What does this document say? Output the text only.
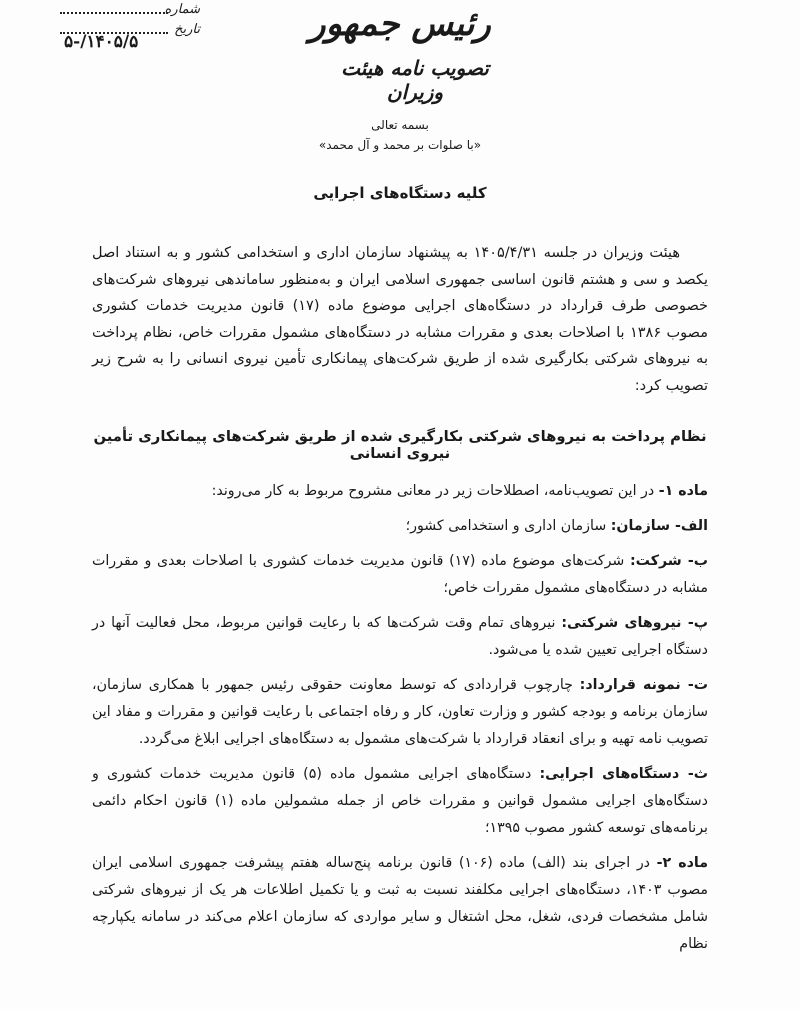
شماره
تاریخ
۱۴۰۵/۵/-۵	رئیس جمهور
تصویب نامه هیئت وزیران
بسمه تعالی
«با صلوات بر محمد و آل محمد»
کلیه دستگاه‌های اجرایی
هیئت وزیران در جلسه ۱۴۰۵/۴/۳۱ به پیشنهاد سازمان اداری و استخدامی کشور و به استناد اصل یکصد و سی و هشتم قانون اساسی جمهوری اسلامی ایران و به‌منظور ساماندهی نیروهای شرکت‌های خصوصی طرف قرارداد در دستگاه‌های اجرایی موضوع ماده (۱۷) قانون مدیریت خدمات کشوری مصوب ۱۳۸۶ با اصلاحات بعدی و مقررات مشابه در دستگاه‌های مشمول مقررات خاص، نظام پرداخت به نیروهای شرکتی بکارگیری شده از طریق شرکت‌های پیمانکاری تأمین نیروی انسانی را به شرح زیر تصویب کرد:
نظام پرداخت به نیروهای شرکتی بکارگیری شده از طریق شرکت‌های پیمانکاری تأمین نیروی انسانی

ماده ۱- در این تصویب‌نامه، اصطلاحات زیر در معانی مشروح مربوط به کار می‌روند:

الف- سازمان: سازمان اداری و استخدامی کشور؛

ب- شرکت: شرکت‌های موضوع ماده (۱۷) قانون مدیریت خدمات کشوری با اصلاحات بعدی و مقررات مشابه در دستگاه‌های مشمول مقررات خاص؛

پ- نیروهای شرکتی: نیروهای تمام وقت شرکت‌ها که با رعایت قوانین مربوط، محل فعالیت آنها در دستگاه اجرایی تعیین شده یا می‌شود.

ت- نمونه قرارداد: چارچوب قراردادی که توسط معاونت حقوقی رئیس جمهور با همکاری سازمان، سازمان برنامه و بودجه کشور و وزارت تعاون، کار و رفاه اجتماعی با رعایت قوانین و مقررات و مفاد این تصویب نامه تهیه و برای انعقاد قرارداد با شرکت‌های مشمول به دستگاه‌های اجرایی ابلاغ می‌گردد.

ث- دستگاه‌های اجرایی: دستگاه‌های اجرایی مشمول ماده (۵) قانون مدیریت خدمات کشوری و دستگاه‌های اجرایی مشمول قوانین و مقررات خاص از جمله مشمولین ماده (۱) قانون احکام دائمی برنامه‌های توسعه کشور مصوب ۱۳۹۵؛

ماده ۲- در اجرای بند (الف) ماده (۱۰۶) قانون برنامه پنج‌ساله هفتم پیشرفت جمهوری اسلامی ایران مصوب ۱۴۰۳، دستگاه‌های اجرایی مکلفند نسبت به ثبت و یا تکمیل اطلاعات هر یک از نیروهای شرکتی شامل مشخصات فردی، شغل، محل اشتغال و سایر مواردی که سازمان اعلام می‌کند در سامانه یکپارچه نظام
